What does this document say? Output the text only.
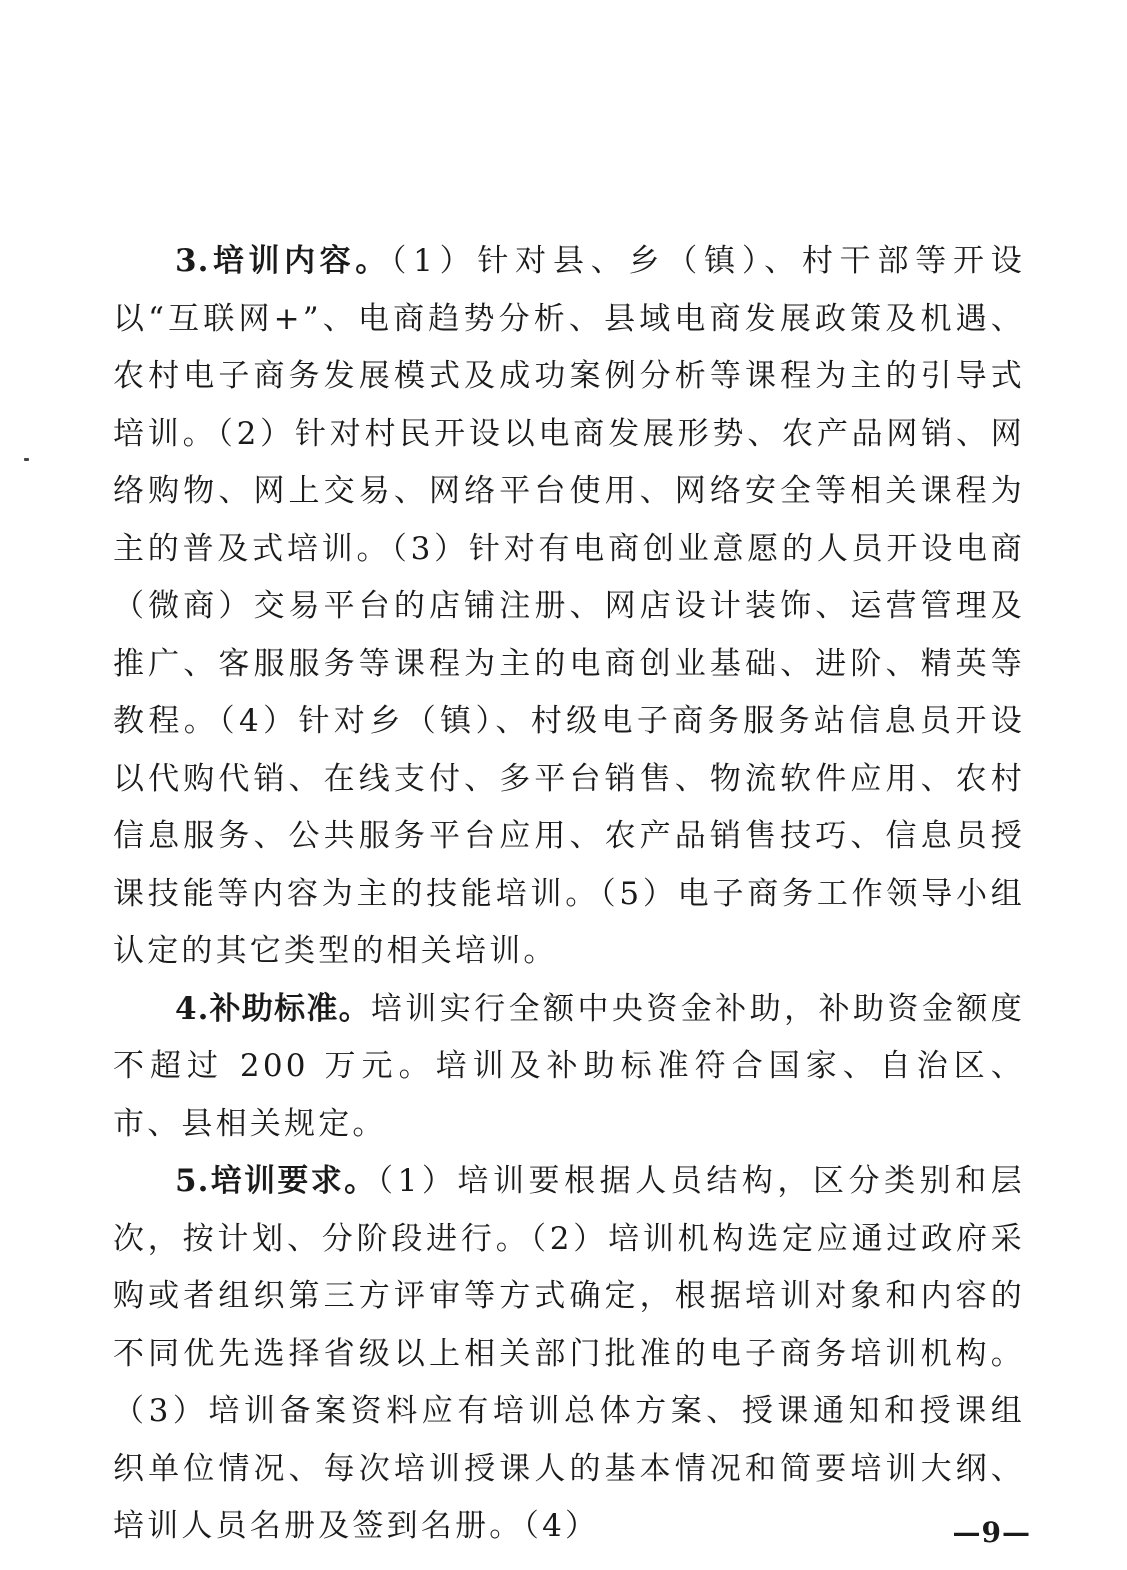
3.培训内容。（1）针对县、乡（镇）、村干部等开设以“互联网+”、电商趋势分析、县域电商发展政策及机遇、农村电子商务发展模式及成功案例分析等课程为主的引导式培训。（2）针对村民开设以电商发展形势、农产品网销、网络购物、网上交易、网络平台使用、网络安全等相关课程为主的普及式培训。（3）针对有电商创业意愿的人员开设电商（微商）交易平台的店铺注册、网店设计装饰、运营管理及推广、客服服务等课程为主的电商创业基础、进阶、精英等教程。（4）针对乡（镇）、村级电子商务服务站信息员开设以代购代销、在线支付、多平台销售、物流软件应用、农村信息服务、公共服务平台应用、农产品销售技巧、信息员授课技能等内容为主的技能培训。（5）电子商务工作领导小组认定的其它类型的相关培训。

4.补助标准。培训实行全额中央资金补助，补助资金额度不超过 200 万元。培训及补助标准符合国家、自治区、市、县相关规定。

5.培训要求。（1）培训要根据人员结构，区分类别和层次，按计划、分阶段进行。（2）培训机构选定应通过政府采购或者组织第三方评审等方式确定，根据培训对象和内容的不同优先选择省级以上相关部门批准的电子商务培训机构。（3）培训备案资料应有培训总体方案、授课通知和授课组织单位情况、每次培训授课人的基本情况和简要培训大纲、培训人员名册及签到名册。（4）	—9—
